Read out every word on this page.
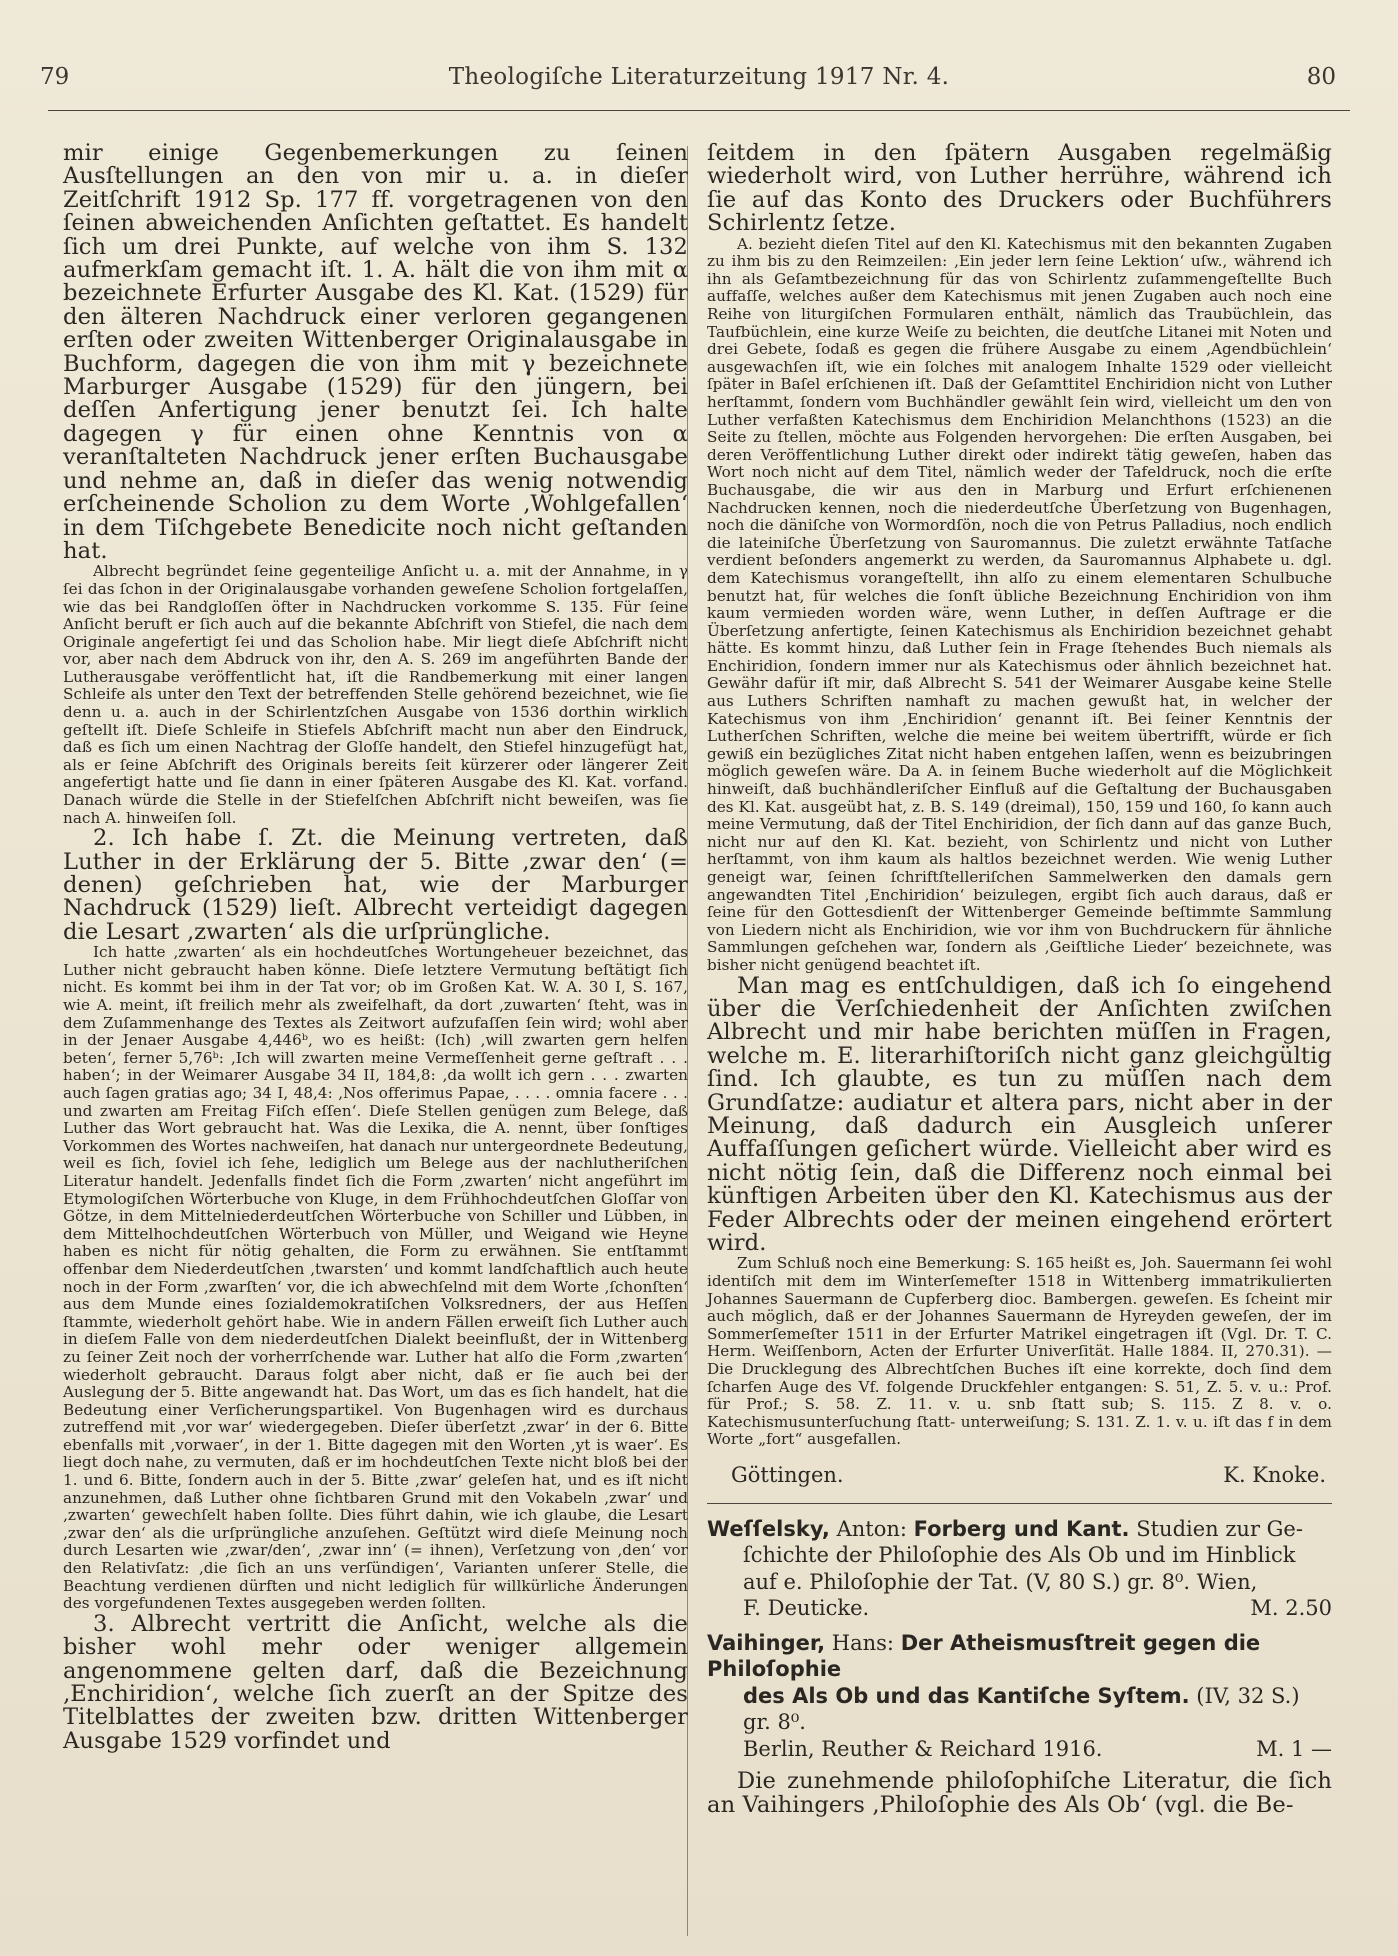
79	Theologiſche Literaturzeitung 1917 Nr. 4.	80

mir einige Gegenbemerkungen zu ſeinen Ausſtellungen an den von mir u. a. in dieſer Zeitſchrift 1912 Sp. 177 ff. vorgetragenen von den ſeinen abweichenden Anſichten geſtattet. Es handelt ſich um drei Punkte, auf welche von ihm S. 132 aufmerkſam gemacht iſt. 1. A. hält die von ihm mit α bezeichnete Erfurter Ausgabe des Kl. Kat. (1529) für den älteren Nachdruck einer verloren gegangenen erſten oder zweiten Wittenberger Originalausgabe in Buchform, dagegen die von ihm mit γ bezeichnete Marburger Ausgabe (1529) für den jüngern, bei deſſen Anfertigung jener benutzt ſei. Ich halte dagegen γ für einen ohne Kenntnis von α veranſtalteten Nachdruck jener erſten Buchausgabe und nehme an, daß in dieſer das wenig notwendig erſcheinende Scholion zu dem Worte ‚Wohlgefallen‘ in dem Tiſchgebete Benedicite noch nicht geſtanden hat.

Albrecht begründet ſeine gegenteilige Anſicht u. a. mit der Annahme, in γ ſei das ſchon in der Originalausgabe vorhanden geweſene Scholion fortgelaſſen, wie das bei Randgloſſen öfter in Nachdrucken vorkomme S. 135. Für ſeine Anſicht beruft er ſich auch auf die bekannte Abſchrift von Stiefel, die nach dem Originale angefertigt ſei und das Scholion habe. Mir liegt dieſe Abſchrift nicht vor, aber nach dem Abdruck von ihr, den A. S. 269 im angeführten Bande der Lutherausgabe veröffentlicht hat, iſt die Randbemerkung mit einer langen Schleife als unter den Text der betreffenden Stelle gehörend bezeichnet, wie ſie denn u. a. auch in der Schirlentzſchen Ausgabe von 1536 dorthin wirklich geſtellt iſt. Dieſe Schleife in Stiefels Abſchrift macht nun aber den Eindruck, daß es ſich um einen Nachtrag der Gloſſe handelt, den Stiefel hinzugefügt hat, als er ſeine Abſchrift des Originals bereits ſeit kürzerer oder längerer Zeit angefertigt hatte und ſie dann in einer ſpäteren Ausgabe des Kl. Kat. vorfand. Danach würde die Stelle in der Stiefelſchen Abſchrift nicht beweiſen, was ſie nach A. hinweiſen ſoll.

2. Ich habe ſ. Zt. die Meinung vertreten, daß Luther in der Erklärung der 5. Bitte ‚zwar den‘ (= denen) geſchrieben hat, wie der Marburger Nachdruck (1529) lieſt. Albrecht verteidigt dagegen die Lesart ‚zwarten‘ als die urſprüngliche.

Ich hatte ‚zwarten‘ als ein hochdeutſches Wortungeheuer bezeichnet, das Luther nicht gebraucht haben könne. Dieſe letztere Vermutung beſtätigt ſich nicht. Es kommt bei ihm in der Tat vor; ob im Großen Kat. W. A. 30 I, S. 167, wie A. meint, iſt freilich mehr als zweifelhaft, da dort ‚zuwarten‘ ſteht, was in dem Zuſammenhange des Textes als Zeitwort aufzufaſſen ſein wird; wohl aber in der Jenaer Ausgabe 4,446ᵇ, wo es heißt: (Ich) ‚will zwarten gern helfen beten‘, ferner 5,76ᵇ: ‚Ich will zwarten meine Vermeſſenheit gerne geſtraft . . . haben‘; in der Weimarer Ausgabe 34 II, 184,8: ‚da wollt ich gern . . . zwarten auch ſagen gratias ago; 34 I, 48,4: ‚Nos offerimus Papae, . . . . omnia facere . . . und zwarten am Freitag Fiſch eſſen‘. Dieſe Stellen genügen zum Belege, daß Luther das Wort gebraucht hat. Was die Lexika, die A. nennt, über ſonſtiges Vorkommen des Wortes nachweiſen, hat danach nur untergeordnete Bedeutung, weil es ſich, ſoviel ich ſehe, lediglich um Belege aus der nachlutheriſchen Literatur handelt. Jedenfalls findet ſich die Form ‚zwarten‘ nicht angeführt im Etymologiſchen Wörterbuche von Kluge, in dem Frühhochdeutſchen Gloſſar von Götze, in dem Mittelniederdeutſchen Wörterbuche von Schiller und Lübben, in dem Mittelhochdeutſchen Wörterbuch von Müller, und Weigand wie Heyne haben es nicht für nötig gehalten, die Form zu erwähnen. Sie entſtammt offenbar dem Niederdeutſchen ‚twarsten‘ und kommt landſchaftlich auch heute noch in der Form ‚zwarſten‘ vor, die ich abwechſelnd mit dem Worte ‚ſchonſten‘ aus dem Munde eines ſozialdemokratiſchen Volksredners, der aus Heſſen ſtammte, wiederholt gehört habe. Wie in andern Fällen erweiſt ſich Luther auch in dieſem Falle von dem niederdeutſchen Dialekt beeinflußt, der in Wittenberg zu ſeiner Zeit noch der vorherrſchende war. Luther hat alſo die Form ‚zwarten‘ wiederholt gebraucht. Daraus folgt aber nicht, daß er ſie auch bei der Auslegung der 5. Bitte angewandt hat. Das Wort, um das es ſich handelt, hat die Bedeutung einer Verſicherungspartikel. Von Bugenhagen wird es durchaus zutreffend mit ‚vor war‘ wiedergegeben. Dieſer überſetzt ‚zwar‘ in der 6. Bitte ebenfalls mit ‚vorwaer‘, in der 1. Bitte dagegen mit den Worten ‚yt is waer‘. Es liegt doch nahe, zu vermuten, daß er im hochdeutſchen Texte nicht bloß bei der 1. und 6. Bitte, ſondern auch in der 5. Bitte ‚zwar‘ geleſen hat, und es iſt nicht anzunehmen, daß Luther ohne ſichtbaren Grund mit den Vokabeln ‚zwar‘ und ‚zwarten‘ gewechſelt haben ſollte. Dies führt dahin, wie ich glaube, die Lesart ‚zwar den‘ als die urſprüngliche anzuſehen. Geſtützt wird dieſe Meinung noch durch Lesarten wie ‚zwar/den‘, ‚zwar inn‘ (= ihnen), Verſetzung von ‚den‘ vor den Relativſatz: ‚die ſich an uns verſündigen‘, Varianten unſerer Stelle, die Beachtung verdienen dürften und nicht lediglich für willkürliche Änderungen des vorgefundenen Textes ausgegeben werden ſollten.

3. Albrecht vertritt die Anſicht, welche als die bisher wohl mehr oder weniger allgemein angenommene gelten darf, daß die Bezeichnung ‚Enchiridion‘, welche ſich zuerſt an der Spitze des Titelblattes der zweiten bzw. dritten Wittenberger Ausgabe 1529 vorfindet und

ſeitdem in den ſpätern Ausgaben regelmäßig wiederholt wird, von Luther herrühre, während ich ſie auf das Konto des Druckers oder Buchführers Schirlentz ſetze.

A. bezieht dieſen Titel auf den Kl. Katechismus mit den bekannten Zugaben zu ihm bis zu den Reimzeilen: ‚Ein jeder lern ſeine Lektion‘ uſw., während ich ihn als Geſamtbezeichnung für das von Schirlentz zuſammengeſtellte Buch auffaſſe, welches außer dem Katechismus mit jenen Zugaben auch noch eine Reihe von liturgiſchen Formularen enthält, nämlich das Traubüchlein, das Taufbüchlein, eine kurze Weiſe zu beichten, die deutſche Litanei mit Noten und drei Gebete, ſodaß es gegen die frühere Ausgabe zu einem ‚Agendbüchlein‘ ausgewachſen iſt, wie ein ſolches mit analogem Inhalte 1529 oder vielleicht ſpäter in Baſel erſchienen iſt. Daß der Geſamttitel Enchiridion nicht von Luther herſtammt, ſondern vom Buchhändler gewählt ſein wird, vielleicht um den von Luther verfaßten Katechismus dem Enchiridion Melanchthons (1523) an die Seite zu ſtellen, möchte aus Folgenden hervorgehen: Die erſten Ausgaben, bei deren Veröffentlichung Luther direkt oder indirekt tätig geweſen, haben das Wort noch nicht auf dem Titel, nämlich weder der Tafeldruck, noch die erſte Buchausgabe, die wir aus den in Marburg und Erfurt erſchienenen Nachdrucken kennen, noch die niederdeutſche Überſetzung von Bugenhagen, noch die däniſche von Wormordſön, noch die von Petrus Palladius, noch endlich die lateiniſche Überſetzung von Sauromannus. Die zuletzt erwähnte Tatſache verdient beſonders angemerkt zu werden, da Sauromannus Alphabete u. dgl. dem Katechismus vorangeſtellt, ihn alſo zu einem elementaren Schulbuche benutzt hat, für welches die ſonſt übliche Bezeichnung Enchiridion von ihm kaum vermieden worden wäre, wenn Luther, in deſſen Auftrage er die Überſetzung anfertigte, ſeinen Katechismus als Enchiridion bezeichnet gehabt hätte. Es kommt hinzu, daß Luther ſein in Frage ſtehendes Buch niemals als Enchiridion, ſondern immer nur als Katechismus oder ähnlich bezeichnet hat. Gewähr dafür iſt mir, daß Albrecht S. 541 der Weimarer Ausgabe keine Stelle aus Luthers Schriften namhaft zu machen gewußt hat, in welcher der Katechismus von ihm ‚Enchiridion‘ genannt iſt. Bei ſeiner Kenntnis der Lutherſchen Schriften, welche die meine bei weitem übertrifft, würde er ſich gewiß ein bezügliches Zitat nicht haben entgehen laſſen, wenn es beizubringen möglich geweſen wäre. Da A. in ſeinem Buche wiederholt auf die Möglichkeit hinweiſt, daß buchhändleriſcher Einfluß auf die Geſtaltung der Buchausgaben des Kl. Kat. ausgeübt hat, z. B. S. 149 (dreimal), 150, 159 und 160, ſo kann auch meine Vermutung, daß der Titel Enchiridion, der ſich dann auf das ganze Buch, nicht nur auf den Kl. Kat. bezieht, von Schirlentz und nicht von Luther herſtammt, von ihm kaum als haltlos bezeichnet werden. Wie wenig Luther geneigt war, ſeinen ſchriftſtelleriſchen Sammelwerken den damals gern angewandten Titel ‚Enchiridion‘ beizulegen, ergibt ſich auch daraus, daß er ſeine für den Gottesdienſt der Wittenberger Gemeinde beſtimmte Sammlung von Liedern nicht als Enchiridion, wie vor ihm von Buchdruckern für ähnliche Sammlungen geſchehen war, ſondern als ‚Geiſtliche Lieder‘ bezeichnete, was bisher nicht genügend beachtet iſt.

Man mag es entſchuldigen, daß ich ſo eingehend über die Verſchiedenheit der Anſichten zwiſchen Albrecht und mir habe berichten müſſen in Fragen, welche m. E. literarhiſtoriſch nicht ganz gleichgültig ſind. Ich glaubte, es tun zu müſſen nach dem Grundſatze: audiatur et altera pars, nicht aber in der Meinung, daß dadurch ein Ausgleich unſerer Auffaſſungen geſichert würde. Vielleicht aber wird es nicht nötig ſein, daß die Differenz noch einmal bei künftigen Arbeiten über den Kl. Katechismus aus der Feder Albrechts oder der meinen eingehend erörtert wird.

Zum Schluß noch eine Bemerkung: S. 165 heißt es, Joh. Sauermann ſei wohl identiſch mit dem im Winterſemeſter 1518 in Wittenberg immatrikulierten Johannes Sauermann de Cupferberg dioc. Bambergen. geweſen. Es ſcheint mir auch möglich, daß er der Johannes Sauermann de Hyreyden geweſen, der im Sommerſemeſter 1511 in der Erfurter Matrikel eingetragen iſt (Vgl. Dr. T. C. Herm. Weiſſenborn, Acten der Erfurter Univerſität. Halle 1884. II, 270.31). — Die Drucklegung des Albrechtſchen Buches iſt eine korrekte, doch ſind dem ſcharfen Auge des Vf. folgende Druckfehler entgangen: S. 51, Z. 5. v. u.: Prof. für Prof.; S. 58. Z. 11. v. u. snb ſtatt sub; S. 115. Z 8. v. o. Katechismusunterſuchung ſtatt- unterweiſung; S. 131. Z. 1. v. u. iſt das f in dem Worte „fort“ ausgefallen.

Göttingen.	K. Knoke.

Weſſelsky, Anton: Forberg und Kant. Studien zur Ge-
ſchichte der Philoſophie des Als Ob und im Hinblick
auf e. Philoſophie der Tat. (V, 80 S.) gr. 8⁰. Wien,
F. Deuticke.	M. 2.50

Vaihinger, Hans: Der Atheismusſtreit gegen die Philoſophie
des Als Ob und das Kantiſche Syſtem. (IV, 32 S.) gr. 8⁰.
Berlin, Reuther & Reichard 1916.	M. 1 —

Die zunehmende philoſophiſche Literatur, die ſich an Vaihingers ‚Philoſophie des Als Ob‘ (vgl. die Be-
